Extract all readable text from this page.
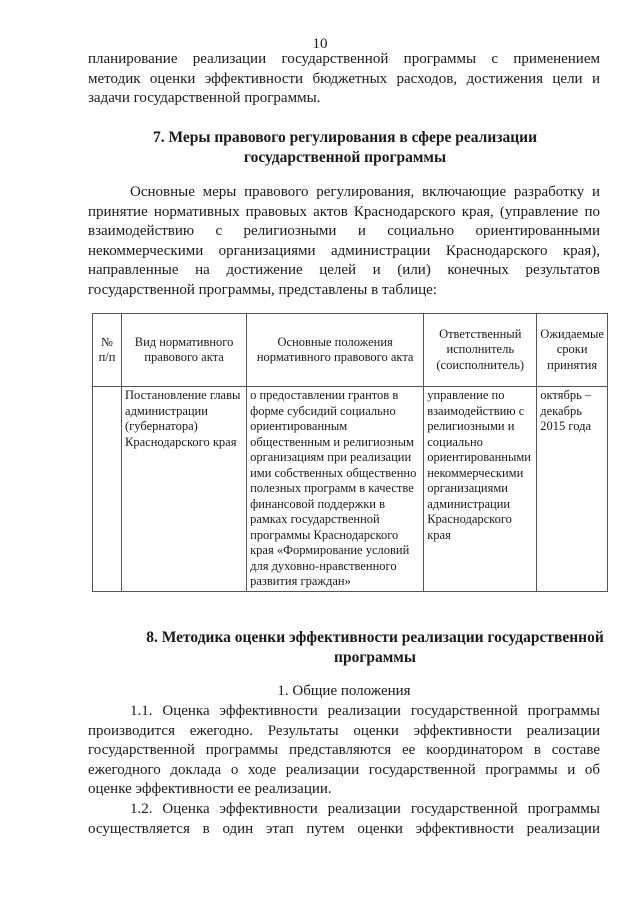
10
планирование реализации государственной программы с применением
методик оценки эффективности бюджетных расходов, достижения цели и
задачи государственной программы.
7. Меры правового регулирования в сфере реализации
государственной программы
Основные меры правового регулирования, включающие разработку и
принятие нормативных правовых актов Краснодарского края, (управление по
взаимодействию с религиозными и социально ориентированными
некоммерческими организациями администрации Краснодарского края),
направленные на достижение целей и (или) конечных результатов
государственной программы, представлены в таблице:
№ п/п	Вид нормативного правового акта	Основные положения нормативного правового акта	Ответственный исполнитель (соисполнитель)	Ожидаемые сроки принятия
	Постановление главы администрации (губернатора) Краснодарского края	о предоставлении грантов в форме субсидий социально ориентированным общественным и религиозным организациям при реализации ими собственных общественно полезных программ в качестве финансовой поддержки в рамках государственной программы Краснодарского края «Формирование условий для духовно-нравственного развития граждан»	управление по взаимодействию с религиозными и социально ориентированными некоммерческими организациями администрации Краснодарского края	октябрь – декабрь 2015 года
8. Методика оценки эффективности реализации государственной
программы
1. Общие положения
1.1. Оценка эффективности реализации государственной программы
производится ежегодно. Результаты оценки эффективности реализации
государственной программы представляются ее координатором в составе
ежегодного доклада о ходе реализации государственной программы и об
оценке эффективности ее реализации.
1.2. Оценка эффективности реализации государственной программы
осуществляется в один этап путем оценки эффективности реализации
